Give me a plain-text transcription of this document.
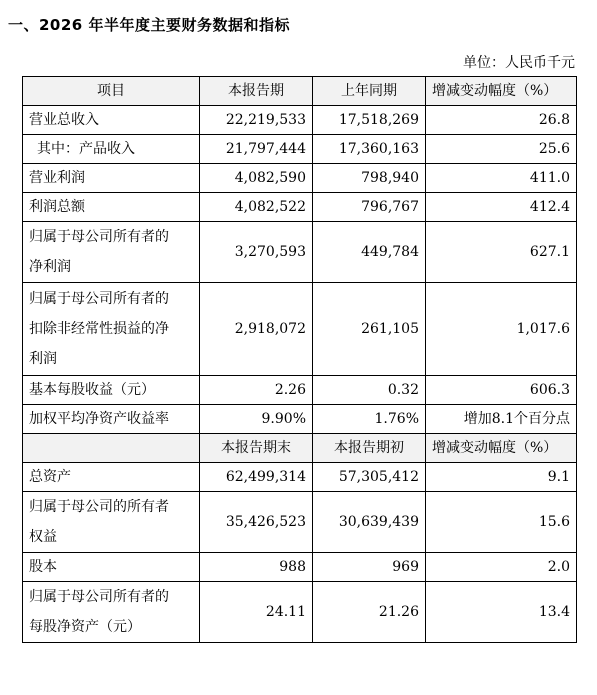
一、2026 年半年度主要财务数据和指标
单位：人民币千元
项目	本报告期	上年同期	增减变动幅度（%）

营业总收入	22,219,533	17,518,269	26.8

其中：产品收入	21,797,444	17,360,163	25.6

营业利润	4,082,590	798,940	411.0

利润总额	4,082,522	796,767	412.4

归属于母公司所有者的
净利润	3,270,593	449,784	627.1

归属于母公司所有者的
扣除非经常性损益的净
利润	2,918,072	261,105	1,017.6

基本每股收益（元）	2.26	0.32	606.3

加权平均净资产收益率	9.90%	1.76%	增加8.1个百分点
	本报告期末	本报告期初	增减变动幅度（%）

总资产	62,499,314	57,305,412	9.1

归属于母公司的所有者
权益	35,426,523	30,639,439	15.6

股本	988	969	2.0

归属于母公司所有者的
每股净资产（元）	24.11	21.26	13.4
